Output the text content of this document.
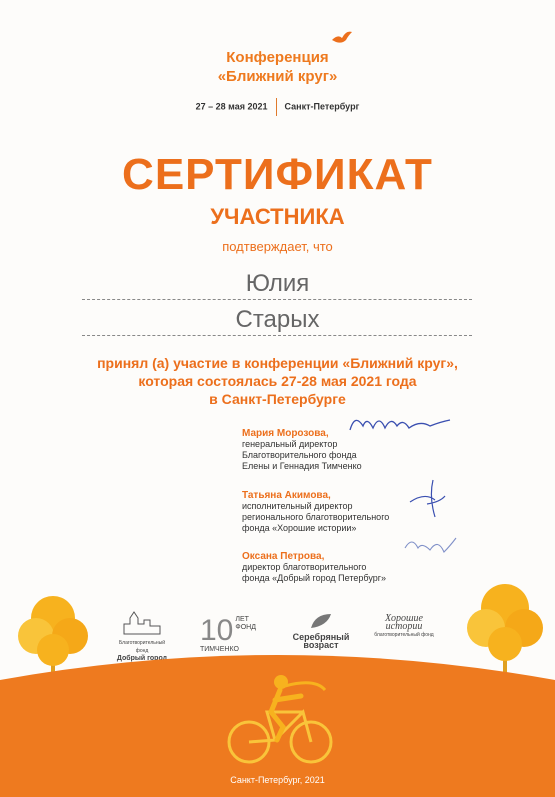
Конференция
«Ближний круг»
27 – 28 мая 2021 Санкт-Петербург
СЕРТИФИКАТ
УЧАСТНИКА
подтверждает, что
Юлия
Старых
принял (а) участие в конференции «Ближний круг»,
которая состоялась 27-28 мая 2021 года
в Санкт-Петербурге
Мария Морозова,
генеральный директор
Благотворительного фонда
Елены и Геннадия Тимченко
Татьяна Акимова,
исполнительный директор
регионального благотворительного
фонда «Хорошие истории»
Оксана Петрова,
директор благотворительного
фонда «Добрый город Петербург»
Благотворительный фонд
Добрый город
10 ЛЕТ
ФОНД
ТИМЧЕНКО
Серебряный
возраст
Хорошие истории
благотворительный фонд
Санкт-Петербург, 2021
